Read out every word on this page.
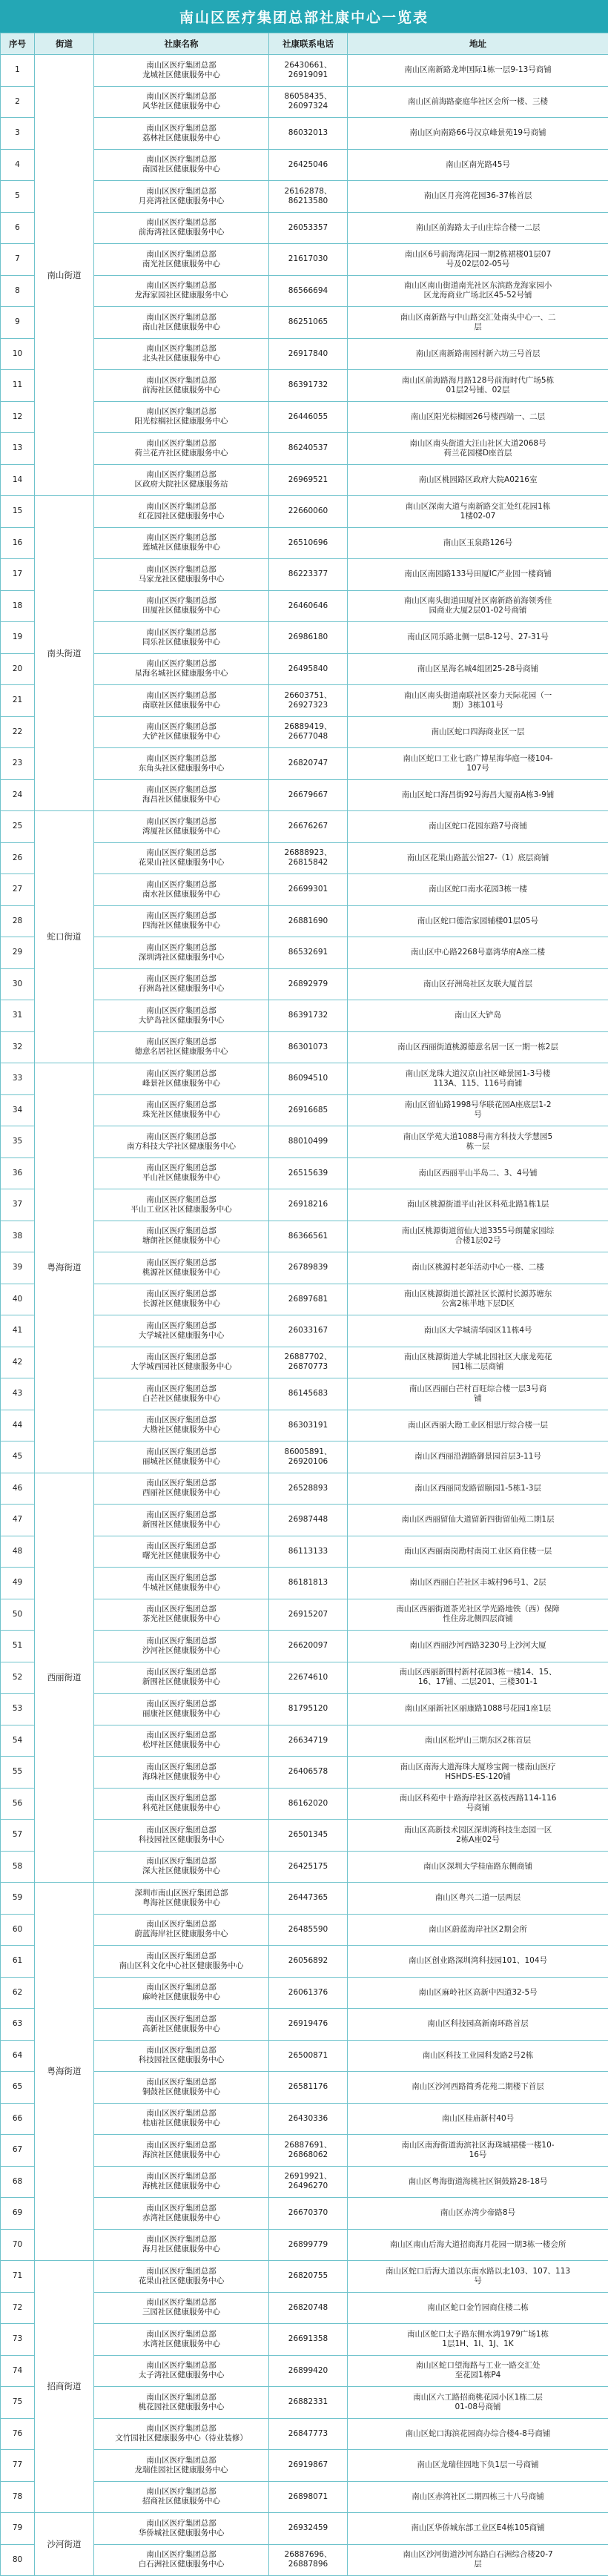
南山区医疗集团总部社康中心一览表
序号	街道	社康名称	社康联系电话	地址
1	南山街道	南山区医疗集团总部
龙城社区健康服务中心	26430661、
26919091	南山区南新路龙坤国际1栋一层9-13号商铺
2		南山区医疗集团总部
风华社区健康服务中心	86058435、
26097324	南山区前海路豪庭华社区会所一楼、三楼
3		南山区医疗集团总部
荔林社区健康服务中心	86032013	南山区向南路66号汉京峰景苑19号商铺
4		南山区医疗集团总部
南园社区健康服务中心	26425046	南山区南光路45号
5		南山区医疗集团总部
月亮湾社区健康服务中心	26162878、
86213580	南山区月亮湾花园36-37栋首层
6		南山区医疗集团总部
前海湾社区健康服务中心	26053357	南山区前海路太子山庄综合楼一二层
7		南山区医疗集团总部
南光社区健康服务中心	21617030	南山区6号前海湾花园一期2栋裙楼01层07
号及02层02-05号
8		南山区医疗集团总部
龙海家园社区健康服务中心	86566694	南山区南山街道南光社区东滨路龙海家园小
区龙海商业广场北区45-52号铺
9		南山区医疗集团总部
南山社区健康服务中心	86251065	南山区南新路与中山路交汇处南头中心一、二
层
10		南山区医疗集团总部
北头社区健康服务中心	26917840	南山区南新路南园村新六坊三号首层
11		南山区医疗集团总部
前海社区健康服务中心	86391732	南山区前海路海月路128号前海时代广场5栋
01层2号铺、02层
12		南山区医疗集团总部
阳光棕榈社区健康服务中心	26446055	南山区阳光棕榈园26号楼西端一、二层
13		南山区医疗集团总部
荷兰花卉社区健康服务中心	86240537	南山区南头街道大汪山社区大道2068号
荷兰花园楼D座首层
14		南山区医疗集团总部
区政府大院社区健康服务站	26969521	南山区桃园路区政府大院A0216室
15	南头街道	南山区医疗集团总部
红花园社区健康服务中心	22660060	南山区深南大道与南新路交汇处红花园1栋
1楼02-07
16		南山区医疗集团总部
莲城社区健康服务中心	26510696	南山区玉泉路126号
17		南山区医疗集团总部
马家龙社区健康服务中心	86223377	南山区南园路133号田厦IC产业园一楼商铺
18		南山区医疗集团总部
田厦社区健康服务中心	26460646	南山区南头街道田厦社区南新路前海领秀佳
园商业大厦2层01-02号商铺
19		南山区医疗集团总部
同乐社区健康服务中心	26986180	南山区同乐路北侧一层8-12号、27-31号
20		南山区医疗集团总部
星海名城社区健康服务中心	26495840	南山区星海名城4组团25-28号商铺
21		南山区医疗集团总部
南联社区健康服务中心	26603751、
26927323	南山区南头街道南联社区泰力天际花园（一
期）3栋101号
22		南山区医疗集团总部
大铲社区健康服务中心	26889419、
26677048	南山区蛇口四海商业区一层
23		南山区医疗集团总部
东角头社区健康服务中心	26820747	南山区蛇口工业七路广博星海华庭一楼104-
107号
24		南山区医疗集团总部
海昌社区健康服务中心	26679667	南山区蛇口海昌街92号海昌大厦南A栋3-9铺
25	蛇口街道	南山区医疗集团总部
湾厦社区健康服务中心	26676267	南山区蛇口花园东路7号商铺
26		南山区医疗集团总部
花果山社区健康服务中心	26888923、
26815842	南山区花果山路蓝公馆27-（1）底层商铺
27		南山区医疗集团总部
南水社区健康服务中心	26699301	南山区蛇口南水花园3栋一楼
28		南山区医疗集团总部
四海社区健康服务中心	26881690	南山区蛇口德浩家园辅楼01层05号
29		南山区医疗集团总部
深圳湾社区健康服务中心	86532691	南山区中心路2268号嘉湾华府A座二楼
30		南山区医疗集团总部
孖洲岛社区健康服务中心	26892979	南山区孖洲岛社区友联大厦首层
31		南山区医疗集团总部
大铲岛社区健康服务中心	86391732	南山区大铲岛
32		南山区医疗集团总部
德意名居社区健康服务中心	86301073	南山区西丽街道桃源德意名居一区一期一栋2层
33	粤海街道	南山区医疗集团总部
峰景社区健康服务中心	86094510	南山区龙珠大道汉京山社区峰景园1-3号楼
113A、115、116号商铺
34		南山区医疗集团总部
珠光社区健康服务中心	26916685	南山区留仙路1998号华联花园A座底层1-2
号
35		南山区医疗集团总部
南方科技大学社区健康服务中心	88010499	南山区学苑大道1088号南方科技大学慧园5
栋一层
36		南山区医疗集团总部
平山社区健康服务中心	26515639	南山区西丽平山半岛二、3、4号铺
37		南山区医疗集团总部
平山工业区社区健康服务中心	26918216	南山区桃源街道平山社区科苑北路1栋1层
38		南山区医疗集团总部
塘朗社区健康服务中心	86366561	南山区桃源街道留仙大道3355号朗麓家园综
合楼1层02号
39		南山区医疗集团总部
桃源社区健康服务中心	26789839	南山区桃源村老年活动中心一楼、二楼
40		南山区医疗集团总部
长源社区健康服务中心	26897681	南山区桃源街道长源社区长源村长源苏塘东
公寓2栋半地下层D区
41		南山区医疗集团总部
大学城社区健康服务中心	26033167	南山区大学城清华园区11栋4号
42		南山区医疗集团总部
大学城西园社区健康服务中心	26887702、
26870773	南山区桃源街道大学城北园社区大康龙苑花
园1栋二层商铺
43		南山区医疗集团总部
白芒社区健康服务中心	86145683	南山区西丽白芒村百旺综合楼一层3号商
铺
44		南山区医疗集团总部
大勘社区健康服务中心	86303191	南山区西丽大勘工业区相思厅综合楼一层
45		南山区医疗集团总部
丽城社区健康服务中心	86005891、
26920106	南山区西丽沿湖路御景园首层3-11号
46	西丽街道	南山区医疗集团总部
西丽社区健康服务中心	26528893	南山区西丽同发路留颐园1-5栋1-3层
47		南山区医疗集团总部
新围社区健康服务中心	26987448	南山区西丽留仙大道留新四街留仙苑二期1层
48		南山区医疗集团总部
曙光社区健康服务中心	86113133	南山区西丽南岗勘村南岗工业区商住楼一层
49		南山区医疗集团总部
牛城社区健康服务中心	86181813	南山区西丽白芒社区丰城村96号1、2层
50		南山区医疗集团总部
茶光社区健康服务中心	26915207	南山区西丽街道茶光社区学光路地铁（西）保障
性住房北侧四层商铺
51		南山区医疗集团总部
沙河社区健康服务中心	26620097	南山区西丽沙河西路3230号上沙河大厦
52		南山区医疗集团总部
新围社区健康服务中心	22674610	南山区西丽新围村新村花园3栋一楼14、15、
16、17铺、二层201、三楼301-1
53		南山区医疗集团总部
丽康社区健康服务中心	81795120	南山区丽新社区丽康路1088号花园1座1层
54		南山区医疗集团总部
松坪社区健康服务中心	26634719	南山区松坪山三期东区2栋首层
55		南山区医疗集团总部
海珠社区健康服务中心	26406578	南山区南海大道海珠大厦珍宝阁一楼南山医疗
HSHDS-ES-120铺
56		南山区医疗集团总部
科苑社区健康服务中心	86162020	南山区科苑中十路海岸社区荔枝西路114-116
号商铺
57		南山区医疗集团总部
科技园社区健康服务中心	26501345	南山区高新技术园区深圳湾科技生态园一区
2栋A座02号
58		南山区医疗集团总部
深大社区健康服务中心	26425175	南山区深圳大学桂庙路东侧商铺
59	粤海街道	深圳市南山区医疗集团总部
粤海社区健康服务中心	26447365	南山区粤兴二道一层两层
60		南山区医疗集团总部
蔚蓝海岸社区健康服务中心	26485590	南山区蔚蓝海岸社区2期会所
61		南山区医疗集团总部
南山区科文化中心社区健康服务中心	26056892	南山区创业路深圳湾科技园101、104号
62		南山区医疗集团总部
麻岭社区健康服务中心	26061376	南山区麻岭社区高新中四道32-5号
63		南山区医疗集团总部
高新社区健康服务中心	26919476	南山区科技园高新南环路首层
64		南山区医疗集团总部
科技园社区健康服务中心	26500871	南山区科技工业园科发路2号2栋
65		南山区医疗集团总部
铜鼓社区健康服务中心	26581176	南山区沙河西路简秀花苑二期楼下首层
66		南山区医疗集团总部
桂庙社区健康服务中心	26430336	南山区桂庙新村40号
67		南山区医疗集团总部
海滨社区健康服务中心	26887691、
26868062	南山区南海街道海滨社区海珠城裙楼一楼10-
16号
68		南山区医疗集团总部
海桃社区健康服务中心	26919921、
26496270	南山区粤海街道海桃社区铜鼓路28-18号
69		南山区医疗集团总部
赤湾社区健康服务中心	26670370	南山区赤湾少帝路8号
70		南山区医疗集团总部
海月社区健康服务中心	26899779	南山区南山后海大道招商海月花园一期3栋一楼会所
71	招商街道	南山区医疗集团总部
花果山社区健康服务中心	26820755	南山区蛇口后海大道以东南水路以北103、107、113
号
72		南山区医疗集团总部
三园社区健康服务中心	26820748	南山区蛇口金竹园商住楼二栋
73		南山区医疗集团总部
水湾社区健康服务中心	26691358	南山区蛇口太子路东侧水湾1979广场1栋
1层1H、1I、1J、1K
74		南山区医疗集团总部
太子湾社区健康服务中心	26899420	南山区蛇口望海路与工业一路交汇处
至花园1栋P4
75		南山区医疗集团总部
桃花园社区健康服务中心	26882331	南山区六工路招商桃花园小区1栋二层
01-08号商铺
76		南山区医疗集团总部
文竹园社区健康服务中心（待业装修）	26847773	南山区蛇口海滨花园商办综合楼4-8号商铺
77		南山区医疗集团总部
龙瑞佳园社区健康服务中心	26919867	南山区龙瑞佳园地下负1层一号商铺
78		南山区医疗集团总部
招商社区健康服务中心	26898071	南山区赤湾社区二期四栋三十八号商铺
79	沙河街道	南山区医疗集团总部
华侨城社区健康服务中心	26932459	南山区华侨城东部工业区E4栋105商铺
80		南山区医疗集团总部
白石洲社区健康服务中心	26887696、
26887896	南山区沙河街道沙河东路白石洲综合楼20-7
层
